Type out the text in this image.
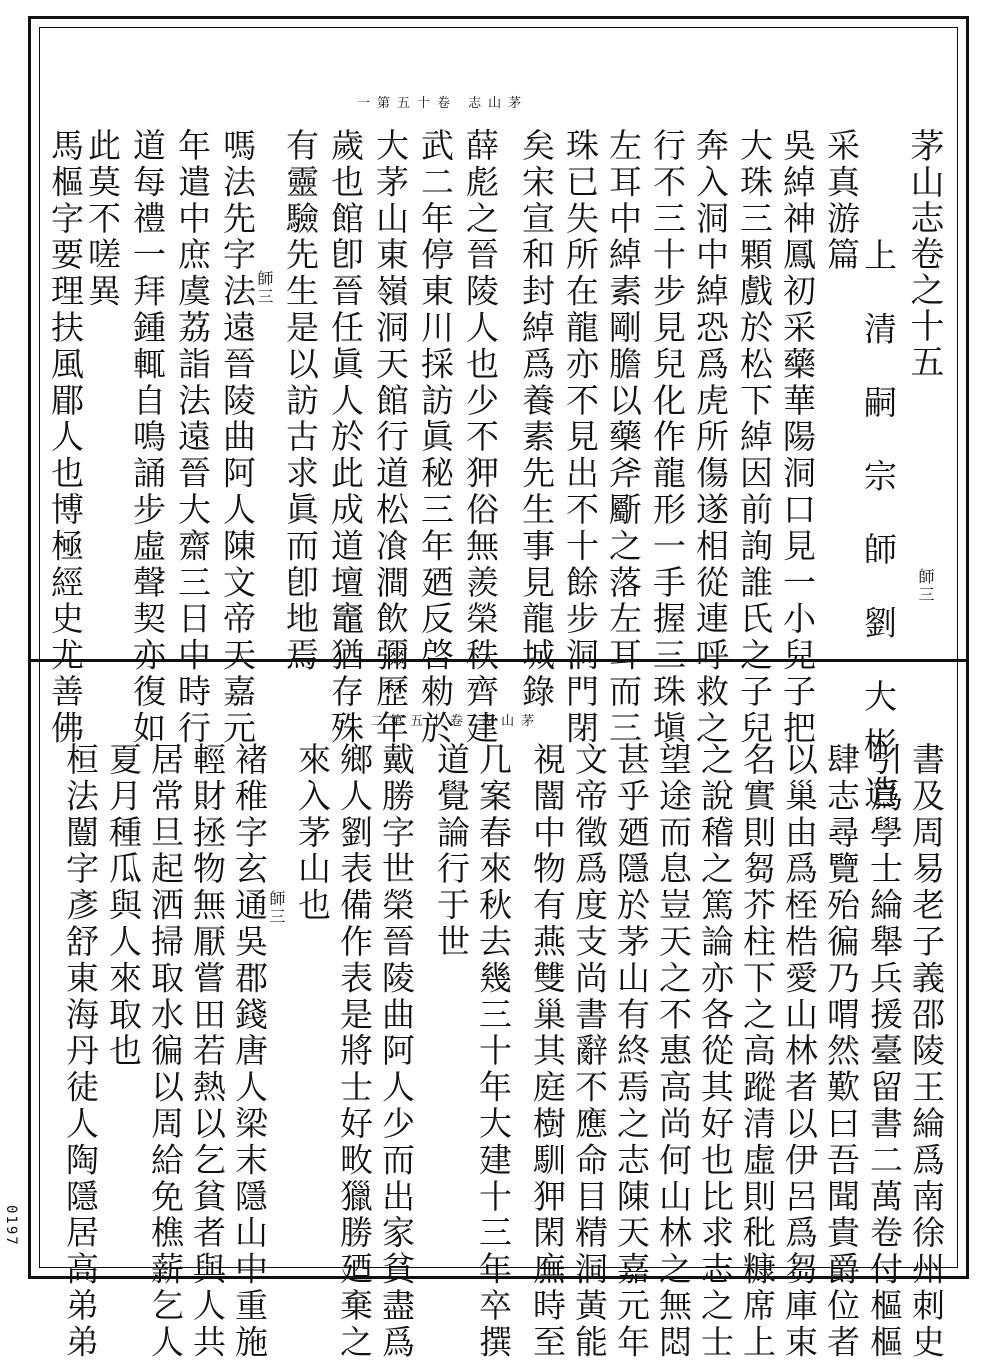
一第五十卷 志山茅
茅山志卷之十五
師三
上 清 嗣 宗 師 劉 大彬造
采真游篇
吳綽神鳳初采藥華陽洞口見一小兒子把
大珠三顆戲於松下綽因前詢誰氏之子兒
奔入洞中綽恐爲虎所傷遂相從連呼救之
行不三十步見兒化作龍形一手握三珠塡
左耳中綽素剛膽以藥斧斸之落左耳而三
珠已失所在龍亦不見出不十餘步洞門閉
矣宋宣和封綽爲養素先生事見龍城錄
薛彪之晉陵人也少不狎俗無羨榮秩齊建
武二年停東川採訪眞秘三年廼反啓勑於
大茅山東嶺洞天館行道松飡澗飲彌歷年
歲也館卽晉任眞人於此成道壇竈猶存殊
有靈驗先生是以訪古求眞而卽地焉
師三
嗎法先字法遠晉陵曲阿人陳文帝天嘉元
年遣中庶虞荔詣法遠晉大齋三日中時行
道每禮一拜鍾輒自鳴誦步虛聲契亦復如
此莫不嗟異
馬樞字要理扶風郿人也博極經史尤善佛	二第五十卷 志山茅
書及周易老子義邵陵王綸爲南徐州刺史
引爲學士綸舉兵援臺留書二萬卷付樞樞
肆志尋覽殆徧乃喟然歎曰吾聞貴爵位者
以巢由爲桎梏愛山林者以伊呂爲芻庫束
名實則芻芥柱下之高蹤清虛則秕糠席上
之說稽之篤論亦各從其好也比求志之士
望途而息豈天之不惠高尚何山林之無悶
甚乎廼隱於茅山有終焉之志陳天嘉元年
文帝徵爲度支尚書辭不應命目精洞黃能
視闇中物有燕雙巢其庭樹馴狎閑廡時至
几案春來秋去幾三十年大建十三年卒撰
道覺論行于世
戴勝字世榮晉陵曲阿人少而出家貧盡爲
鄉人劉表備作表是將士好畋獵勝廼棄之
來入茅山也
師三
褚稚字玄通吳郡錢唐人梁末隱山中重施
輕財拯物無厭嘗田若熱以乞貧者與人共
居常旦起洒掃取水徧以周給免樵薪乞人
夏月種瓜與人來取也
桓法闓字彥舒東海丹徒人陶隱居高弟弟
0197
